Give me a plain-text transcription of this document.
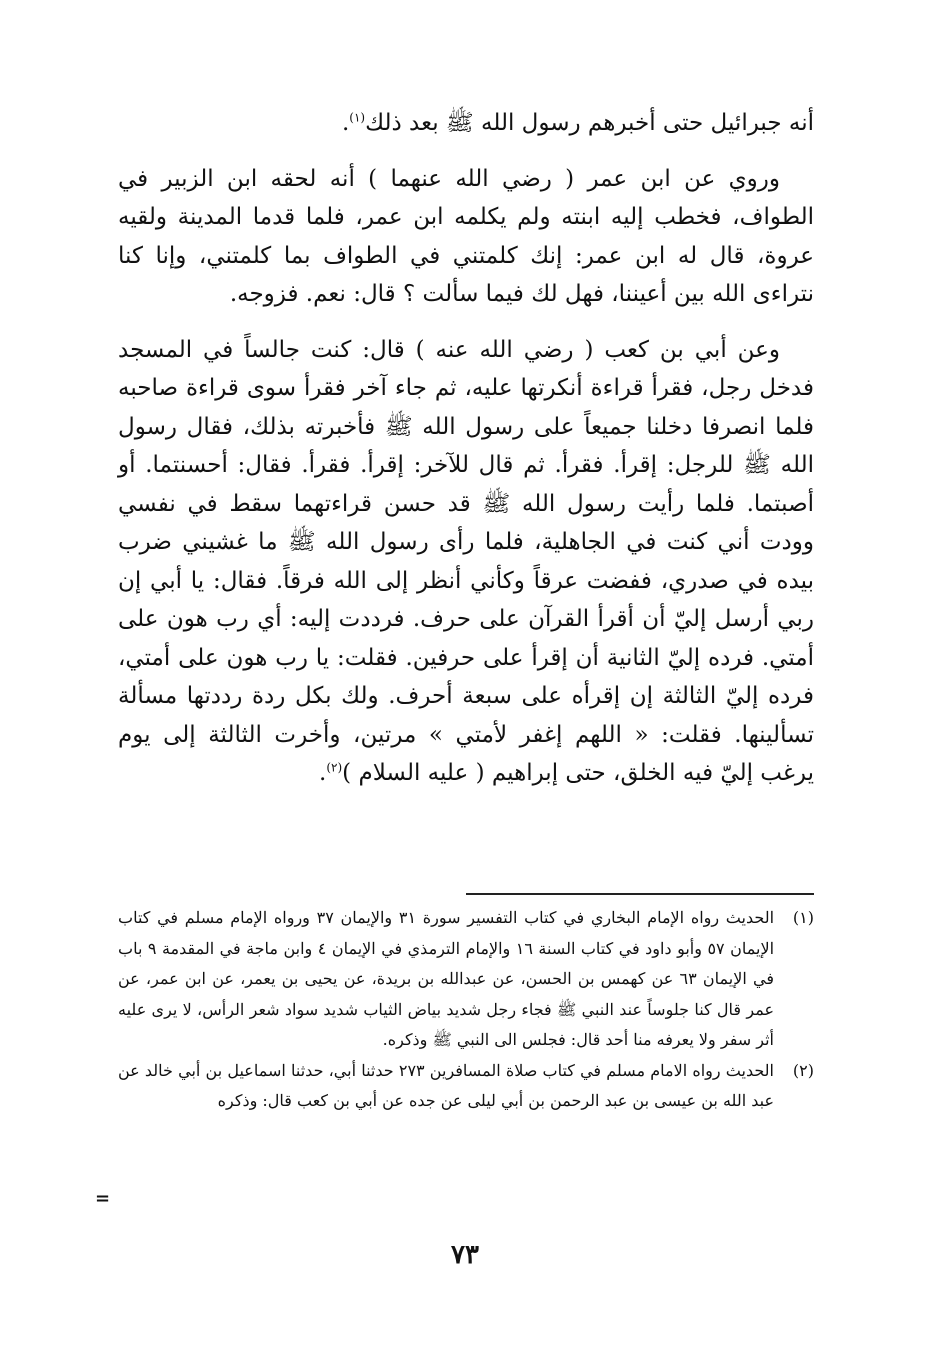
أنه جبرائيل حتى أخبرهم رسول الله ﷺ بعد ذلك$^{(١)}$.

وروي عن ابن عمر ( رضي الله عنهما ) أنه لحقه ابن الزبير في الطواف، فخطب إليه ابنته ولم يكلمه ابن عمر، فلما قدما المدينة ولقيه عروة، قال له ابن عمر: إنك كلمتني في الطواف بما كلمتني، وإنا كنا نتراءى الله بين أعيننا، فهل لك فيما سألت ؟ قال: نعم. فزوجه.

وعن أبي بن كعب ( رضي الله عنه ) قال: كنت جالساً في المسجد فدخل رجل، فقرأ قراءة أنكرتها عليه، ثم جاء آخر فقرأ سوى قراءة صاحبه فلما انصرفا دخلنا جميعاً على رسول الله ﷺ فأخبرته بذلك، فقال رسول الله ﷺ للرجل: إقرأ. فقرأ. ثم قال للآخر: إقرأ. فقرأ. فقال: أحسنتما. أو أصبتما. فلما رأيت رسول الله ﷺ قد حسن قراءتهما سقط في نفسي وودت أني كنت في الجاهلية، فلما رأى رسول الله ﷺ ما غشيني ضرب بيده في صدري، ففضت عرقاً وكأني أنظر إلى الله فرقاً. فقال: يا أبي إن ربي أرسل إليّ أن أقرأ القرآن على حرف. فرددت إليه: أي رب هون على أمتي. فرده إليّ الثانية أن إقرأ على حرفين. فقلت: يا رب هون على أمتي، فرده إليّ الثالثة إن إقرأه على سبعة أحرف. ولك بكل ردة رددتها مسألة تسألينها. فقلت: « اللهم إغفر لأمتي » مرتين، وأخرت الثالثة إلى يوم يرغب إليّ فيه الخلق، حتى إبراهيم ( عليه السلام )$^{(٢)}$.

(١)
الحديث رواه الإمام البخاري في كتاب التفسير سورة ٣١ والإيمان ٣٧ ورواه الإمام مسلم في كتاب الإيمان ٥٧ وأبو داود في كتاب السنة ١٦ والإمام الترمذي في الإيمان ٤ وابن ماجة في المقدمة ٩ باب في الإيمان ٦٣ عن كهمس بن الحسن، عن عبدالله بن بريدة، عن يحيى بن يعمر، عن ابن عمر، عن عمر قال كنا جلوساً عند النبي ﷺ فجاء رجل شديد بياض الثياب شديد سواد شعر الرأس، لا يرى عليه أثر سفر ولا يعرفه منا أحد قال: فجلس الى النبي ﷺ وذكره.
(٢)
الحديث رواه الامام مسلم في كتاب صلاة المسافرين ٢٧٣ حدثنا أبي، حدثنا اسماعيل بن أبي خالد عن عبد الله بن عيسى بن عبد الرحمن بن أبي ليلى عن جده عن أبي بن كعب قال: وذكره
=
٧٣
